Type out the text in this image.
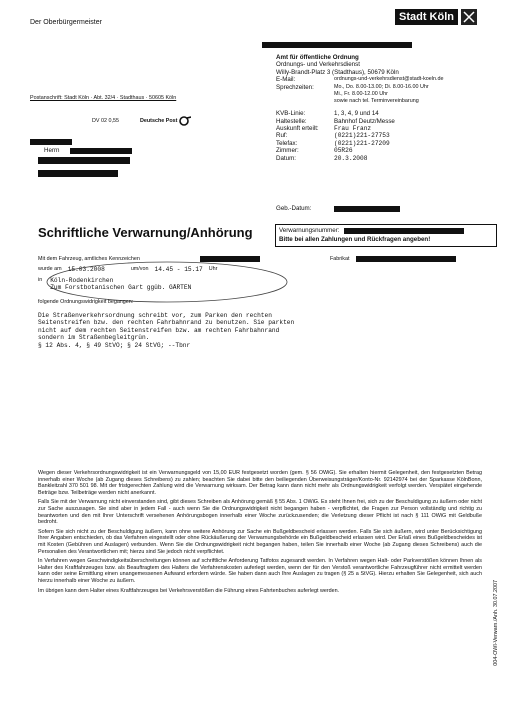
Der Oberbürgermeister	Stadt Köln
Amt für öffentliche Ordnung
Ordnungs- und Verkehrsdienst
Willy-Brandt-Platz 3 (Stadthaus), 50679 Köln
E-Mail:	ordnungs-und-verkehrsdienst@stadt-koeln.de
Sprechzeiten:	Mo., Do. 8.00-13.00; Di. 8.00-16.00 Uhr
Mi., Fr. 8.00-12.00 Uhr
sowie nach tel. Terminvereinbarung
KVB-Linie:	1, 3, 4, 9 und 14
Haltestelle:	Bahnhof Deutz/Messe
Auskunft erteilt:	Frau Franz
Ruf:	(0221)221-27753
Telefax:	(0221)221-27209
Zimmer:	05R26
Datum:	20.3.2008
Geb.-Datum:
Postanschrift: Stadt Köln · Abt. 32/4 · Stadthaus · 50605 Köln
DV 02 0,55	Deutsche Post
Herrn
Schriftliche Verwarnung/Anhörung	Verwarnungsnummer:
Bitte bei allen Zahlungen und Rückfragen angeben!
Mit dem Fahrzeug, amtliches Kennzeichen	Fabrikat
wurde am 15.03.2008	um/von 14.45 - 15.17 Uhr
in Köln-Rodenkirchen
Zum Forstbotanischen Gart ggüb. GÄRTEN
folgende Ordnungswidrigkeit begangen:
Die Straßenverkehrsordnung schreibt vor, zum Parken den rechten
Seitenstreifen bzw. den rechten Fahrbahnrand zu benutzen. Sie parkten
nicht auf dem rechten Seitenstreifen bzw. am rechten Fahrbahnrand
sondern im Straßenbegleitgrün.
§ 12 Abs. 4, § 49 StVO; § 24 StVG; --Tbnr

Wegen dieser Verkehrsordnungswidrigkeit ist ein Verwarnungsgeld von 15,00 EUR festgesetzt worden (gem. § 56 OWiG). Sie erhalten hiermit Gelegenheit, den festgesetzten Betrag innerhalb einer Woche (ab Zugang dieses Schreibens) zu zahlen; beachten Sie dabei bitte den beiliegenden Überweisungsträger/Konto-Nr. 92142974 bei der Sparkasse KölnBonn, Bankleitzahl 370 501 98. Mit der fristgerechten Zahlung wird die Verwarnung wirksam. Der Betrag kann dann nicht mehr als Ordnungswidrigkeit verfolgt werden. Verspätet eingehende Beträge bzw. Teilbeträge werden nicht anerkannt.

Falls Sie mit der Verwarnung nicht einverstanden sind, gibt dieses Schreiben als Anhörung gemäß § 55 Abs. 1 OWiG. Es steht Ihnen frei, sich zu der Beschuldigung zu äußern oder nicht zur Sache auszusagen. Sie sind aber in jedem Fall - auch wenn Sie die Ordnungswidrigkeit nicht begangen haben - verpflichtet, die Fragen zur Person vollständig und richtig zu beantworten und den mit Ihrer Unterschrift versehenen Anhörungsbogen innerhalb einer Woche zurückzusenden; die Verletzung dieser Pflicht ist nach § 111 OWiG mit Geldbuße bedroht.

Sofern Sie sich nicht zu der Beschuldigung äußern, kann ohne weitere Anhörung zur Sache ein Bußgeldbescheid erlassen werden. Falls Sie sich äußern, wird unter Berücksichtigung Ihrer Angaben entschieden, ob das Verfahren eingestellt oder ohne Rückäußerung der Verwarnungsbehörde ein Bußgeldbescheid erlassen wird. Der Erlaß eines Bußgeldbescheides ist mit Kosten (Gebühren und Auslagen) verbunden. Wenn Sie die Ordnungswidrigkeit nicht begangen haben, teilen Sie innerhalb einer Woche (ab Zugang dieses Schreibens) auch die Personalien des Verantwortlichen mit; hierzu sind Sie jedoch nicht verpflichtet.

In Verfahren wegen Geschwindigkeitsüberschreitungen können auf schriftliche Anforderung Tatfotos zugesandt werden. In Verfahren wegen Halt- oder Parkverstößen können Ihnen als Halter des Kraftfahrzeuges bzw. als Beauftragtem des Halters die Verfahrenskosten auferlegt werden, wenn der für den Verstoß verantwortliche Fahrzeugführer nicht ermittelt werden kann oder seine Ermittlung einen unangemessenen Aufwand erfordern würde. Sie haben dann auch Ihre Auslagen zu tragen (§ 25 a StVG). Hierzu erhalten Sie Gelegenheit, sich auch hierzu innerhalb einer Woche zu äußern.

Im übrigen kann dem Halter eines Kraftfahrzeuges bei Verkehrsverstößen die Führung eines Fahrtenbuches auferlegt werden.	004-OWI-Verwarn./Anh. 30.07.2007
